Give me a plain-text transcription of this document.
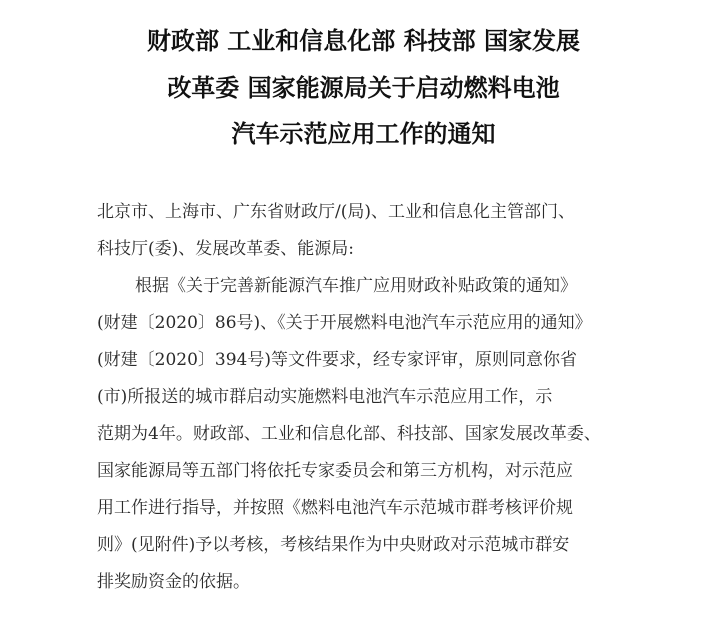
财政部 工业和信息化部 科技部 国家发展
改革委 国家能源局关于启动燃料电池
汽车示范应用工作的通知

北京市、上海市、广东省财政厅/(局)、工业和信息化主管部门、

科技厅(委)、发展改革委、能源局:

根据《关于完善新能源汽车推广应用财政补贴政策的通知》

(财建〔2020〕86号)、《关于开展燃料电池汽车示范应用的通知》

(财建〔2020〕394号)等文件要求，经专家评审，原则同意你省

(市)所报送的城市群启动实施燃料电池汽车示范应用工作，示

范期为4年。财政部、工业和信息化部、科技部、国家发展改革委、

国家能源局等五部门将依托专家委员会和第三方机构，对示范应

用工作进行指导，并按照《燃料电池汽车示范城市群考核评价规

则》(见附件)予以考核，考核结果作为中央财政对示范城市群安

排奖励资金的依据。
